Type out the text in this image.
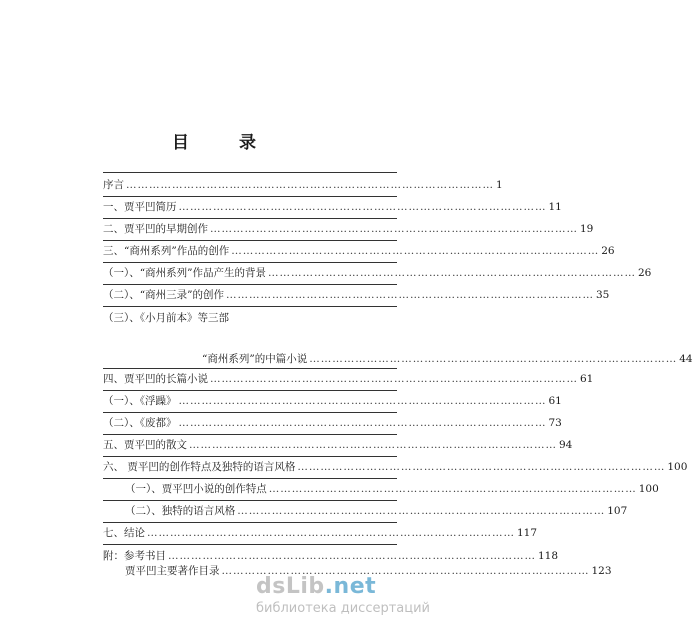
目 录
序言 …………………………………………………………………………………… 1
一、贾平凹简历 …………………………………………………………………………………… 11
二、贾平凹的早期创作 …………………………………………………………………………………… 19
三、“商州系列”作品的创作 …………………………………………………………………………………… 26
（一）、“商州系列”作品产生的背景 …………………………………………………………………………………… 26
（二）、“商州三录”的创作 …………………………………………………………………………………… 35
（三）、《小月前本》等三部
“商州系列”的中篇小说 …………………………………………………………………………………… 44
四、贾平凹的长篇小说 …………………………………………………………………………………… 61
（一）、《浮躁》 …………………………………………………………………………………… 61
（二）、《废都》 …………………………………………………………………………………… 73
五、贾平凹的散文 …………………………………………………………………………………… 94
六、 贾平凹的创作特点及独特的语言风格 …………………………………………………………………………………… 100
（一）、贾平凹小说的创作特点 …………………………………………………………………………………… 100
（二）、独特的语言风格 …………………………………………………………………………………… 107
七、结论 …………………………………………………………………………………… 117
附：参考书目 …………………………………………………………………………………… 118
贾平凹主要著作目录 …………………………………………………………………………………… 123
dsLib .net
библиотека диссертаций
